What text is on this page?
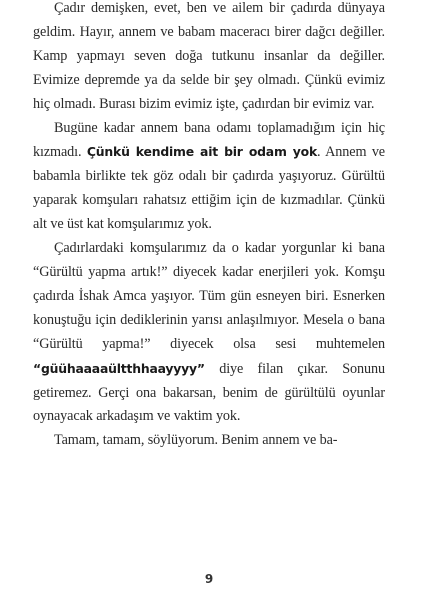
Çadır demişken, evet, ben ve ailem bir çadırda dünyaya geldim. Hayır, annem ve babam maceracı birer dağcı değiller. Kamp yapmayı seven doğa tutkunu insanlar da değiller. Evimize depremde ya da selde bir şey olmadı. Çünkü evimiz hiç olmadı. Burası bizim evimiz işte, çadırdan bir evimiz var.

Bugüne kadar annem bana odamı toplamadığım için hiç kızmadı. Çünkü kendime ait bir odam yok. Annem ve babamla birlikte tek göz odalı bir çadırda yaşıyoruz. Gürültü yaparak komşuları rahatsız ettiğim için de kızmadılar. Çünkü alt ve üst kat komşularımız yok.

Çadırlardaki komşularımız da o kadar yorgunlar ki bana “Gürültü yapma artık!” diyecek kadar enerjileri yok. Komşu çadırda İshak Amca yaşıyor. Tüm gün esneyen biri. Esnerken konuştuğu için dediklerinin yarısı anlaşılmıyor. Mesela o bana “Gürültü yapma!” diyecek olsa sesi muhtemelen “güühaaaaültthhaayyyy” diye filan çıkar. Sonunu getiremez. Gerçi ona bakarsan, benim de gürültülü oyunlar oynayacak arkadaşım ve vaktim yok.

Tamam, tamam, söylüyorum. Benim annem ve ba-

9
